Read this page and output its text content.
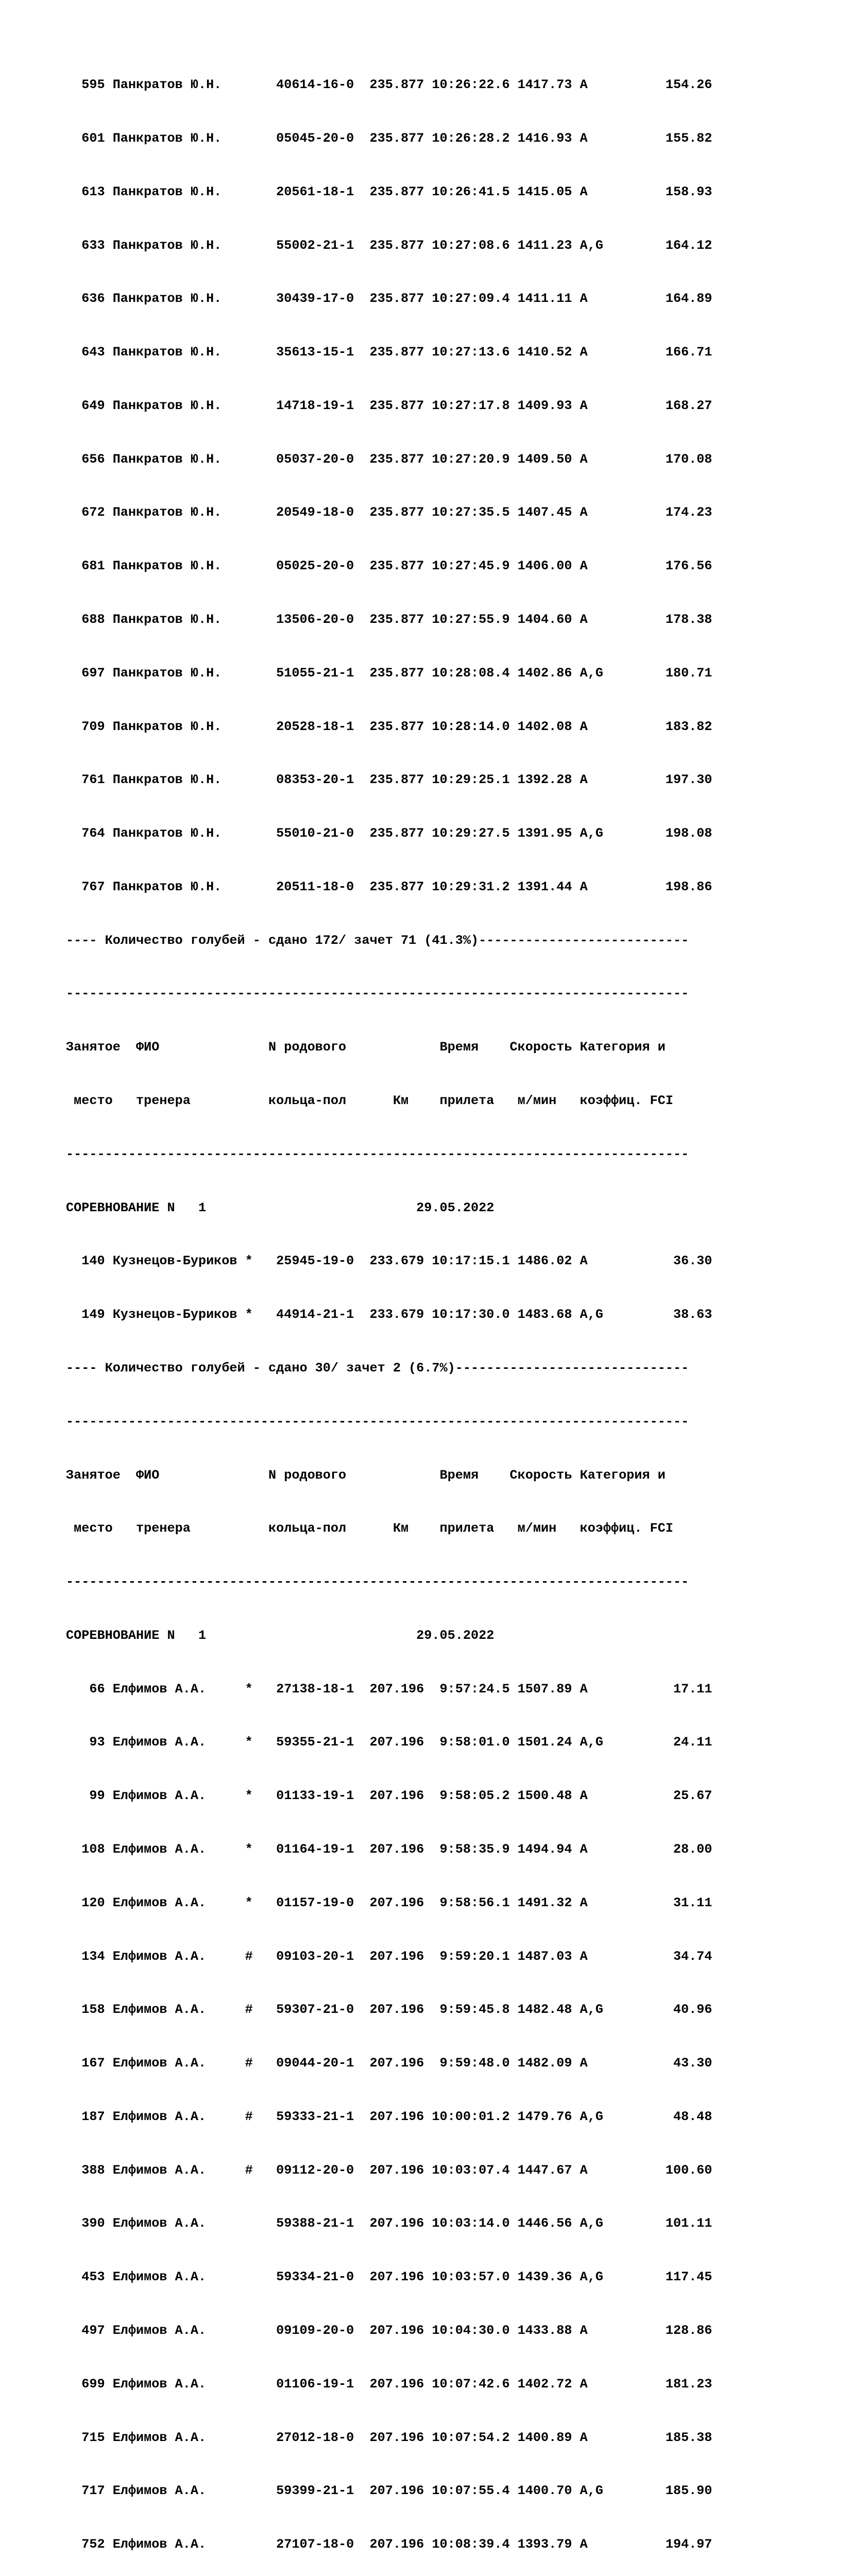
595 Панкратов Ю.Н.       40614-16-0  235.877 10:26:22.6 1417.73 A          154.26

601 Панкратов Ю.Н.       05045-20-0  235.877 10:26:28.2 1416.93 A          155.82

613 Панкратов Ю.Н.       20561-18-1  235.877 10:26:41.5 1415.05 A          158.93

633 Панкратов Ю.Н.       55002-21-1  235.877 10:27:08.6 1411.23 A,G        164.12

636 Панкратов Ю.Н.       30439-17-0  235.877 10:27:09.4 1411.11 A          164.89

643 Панкратов Ю.Н.       35613-15-1  235.877 10:27:13.6 1410.52 A          166.71

649 Панкратов Ю.Н.       14718-19-1  235.877 10:27:17.8 1409.93 A          168.27

656 Панкратов Ю.Н.       05037-20-0  235.877 10:27:20.9 1409.50 A          170.08

672 Панкратов Ю.Н.       20549-18-0  235.877 10:27:35.5 1407.45 A          174.23

681 Панкратов Ю.Н.       05025-20-0  235.877 10:27:45.9 1406.00 A          176.56

688 Панкратов Ю.Н.       13506-20-0  235.877 10:27:55.9 1404.60 A          178.38

697 Панкратов Ю.Н.       51055-21-1  235.877 10:28:08.4 1402.86 A,G        180.71

709 Панкратов Ю.Н.       20528-18-1  235.877 10:28:14.0 1402.08 A          183.82

761 Панкратов Ю.Н.       08353-20-1  235.877 10:29:25.1 1392.28 A          197.30

764 Панкратов Ю.Н.       55010-21-0  235.877 10:29:27.5 1391.95 A,G        198.08

767 Панкратов Ю.Н.       20511-18-0  235.877 10:29:31.2 1391.44 A          198.86

---- Количество голубей - сдано 172/ зачет 71 (41.3%)---------------------------

--------------------------------------------------------------------------------

Занятое  ФИО              N родового            Время    Скорость Категория и

место   тренера          кольца-пол      Км    прилета   м/мин   коэффиц. FCI

--------------------------------------------------------------------------------

СОРЕВНОВАНИЕ N   1                           29.05.2022

140 Кузнецов-Буриков *   25945-19-0  233.679 10:17:15.1 1486.02 A           36.30

149 Кузнецов-Буриков *   44914-21-1  233.679 10:17:30.0 1483.68 A,G         38.63

---- Количество голубей - сдано 30/ зачет 2 (6.7%)------------------------------

--------------------------------------------------------------------------------

Занятое  ФИО              N родового            Время    Скорость Категория и

место   тренера          кольца-пол      Км    прилета   м/мин   коэффиц. FCI

--------------------------------------------------------------------------------

СОРЕВНОВАНИЕ N   1                           29.05.2022

66 Елфимов А.А.     *   27138-18-1  207.196  9:57:24.5 1507.89 A           17.11

93 Елфимов А.А.     *   59355-21-1  207.196  9:58:01.0 1501.24 A,G         24.11

99 Елфимов А.А.     *   01133-19-1  207.196  9:58:05.2 1500.48 A           25.67

108 Елфимов А.А.     *   01164-19-1  207.196  9:58:35.9 1494.94 A           28.00

120 Елфимов А.А.     *   01157-19-0  207.196  9:58:56.1 1491.32 A           31.11

134 Елфимов А.А.     #   09103-20-1  207.196  9:59:20.1 1487.03 A           34.74

158 Елфимов А.А.     #   59307-21-0  207.196  9:59:45.8 1482.48 A,G         40.96

167 Елфимов А.А.     #   09044-20-1  207.196  9:59:48.0 1482.09 A           43.30

187 Елфимов А.А.     #   59333-21-1  207.196 10:00:01.2 1479.76 A,G         48.48

388 Елфимов А.А.     #   09112-20-0  207.196 10:03:07.4 1447.67 A          100.60

390 Елфимов А.А.         59388-21-1  207.196 10:03:14.0 1446.56 A,G        101.11

453 Елфимов А.А.         59334-21-0  207.196 10:03:57.0 1439.36 A,G        117.45

497 Елфимов А.А.         09109-20-0  207.196 10:04:30.0 1433.88 A          128.86

699 Елфимов А.А.         01106-19-1  207.196 10:07:42.6 1402.72 A          181.23

715 Елфимов А.А.         27012-18-0  207.196 10:07:54.2 1400.89 A          185.38

717 Елфимов А.А.         59399-21-1  207.196 10:07:55.4 1400.70 A,G        185.90

752 Елфимов А.А.         27107-18-0  207.196 10:08:39.4 1393.79 A          194.97
